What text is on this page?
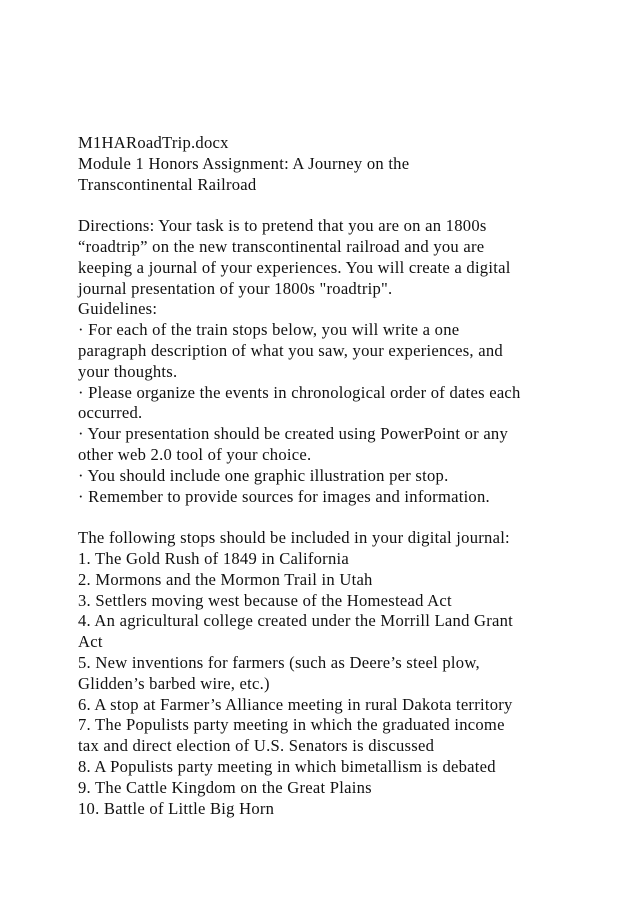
M1HARoadTrip.docx
Module 1 Honors Assignment: A Journey on the
Transcontinental Railroad
Directions: Your task is to pretend that you are on an 1800s
“roadtrip” on the new transcontinental railroad and you are
keeping a journal of your experiences. You will create a digital
journal presentation of your 1800s "roadtrip".
Guidelines:
· For each of the train stops below, you will write a one
paragraph description of what you saw, your experiences, and
your thoughts.
· Please organize the events in chronological order of dates each
occurred.
· Your presentation should be created using PowerPoint or any
other web 2.0 tool of your choice.
· You should include one graphic illustration per stop.
· Remember to provide sources for images and information.
The following stops should be included in your digital journal:
1. The Gold Rush of 1849 in California
2. Mormons and the Mormon Trail in Utah
3. Settlers moving west because of the Homestead Act
4. An agricultural college created under the Morrill Land Grant
Act
5. New inventions for farmers (such as Deere’s steel plow,
Glidden’s barbed wire, etc.)
6. A stop at Farmer’s Alliance meeting in rural Dakota territory
7. The Populists party meeting in which the graduated income
tax and direct election of U.S. Senators is discussed
8. A Populists party meeting in which bimetallism is debated
9. The Cattle Kingdom on the Great Plains
10. Battle of Little Big Horn
